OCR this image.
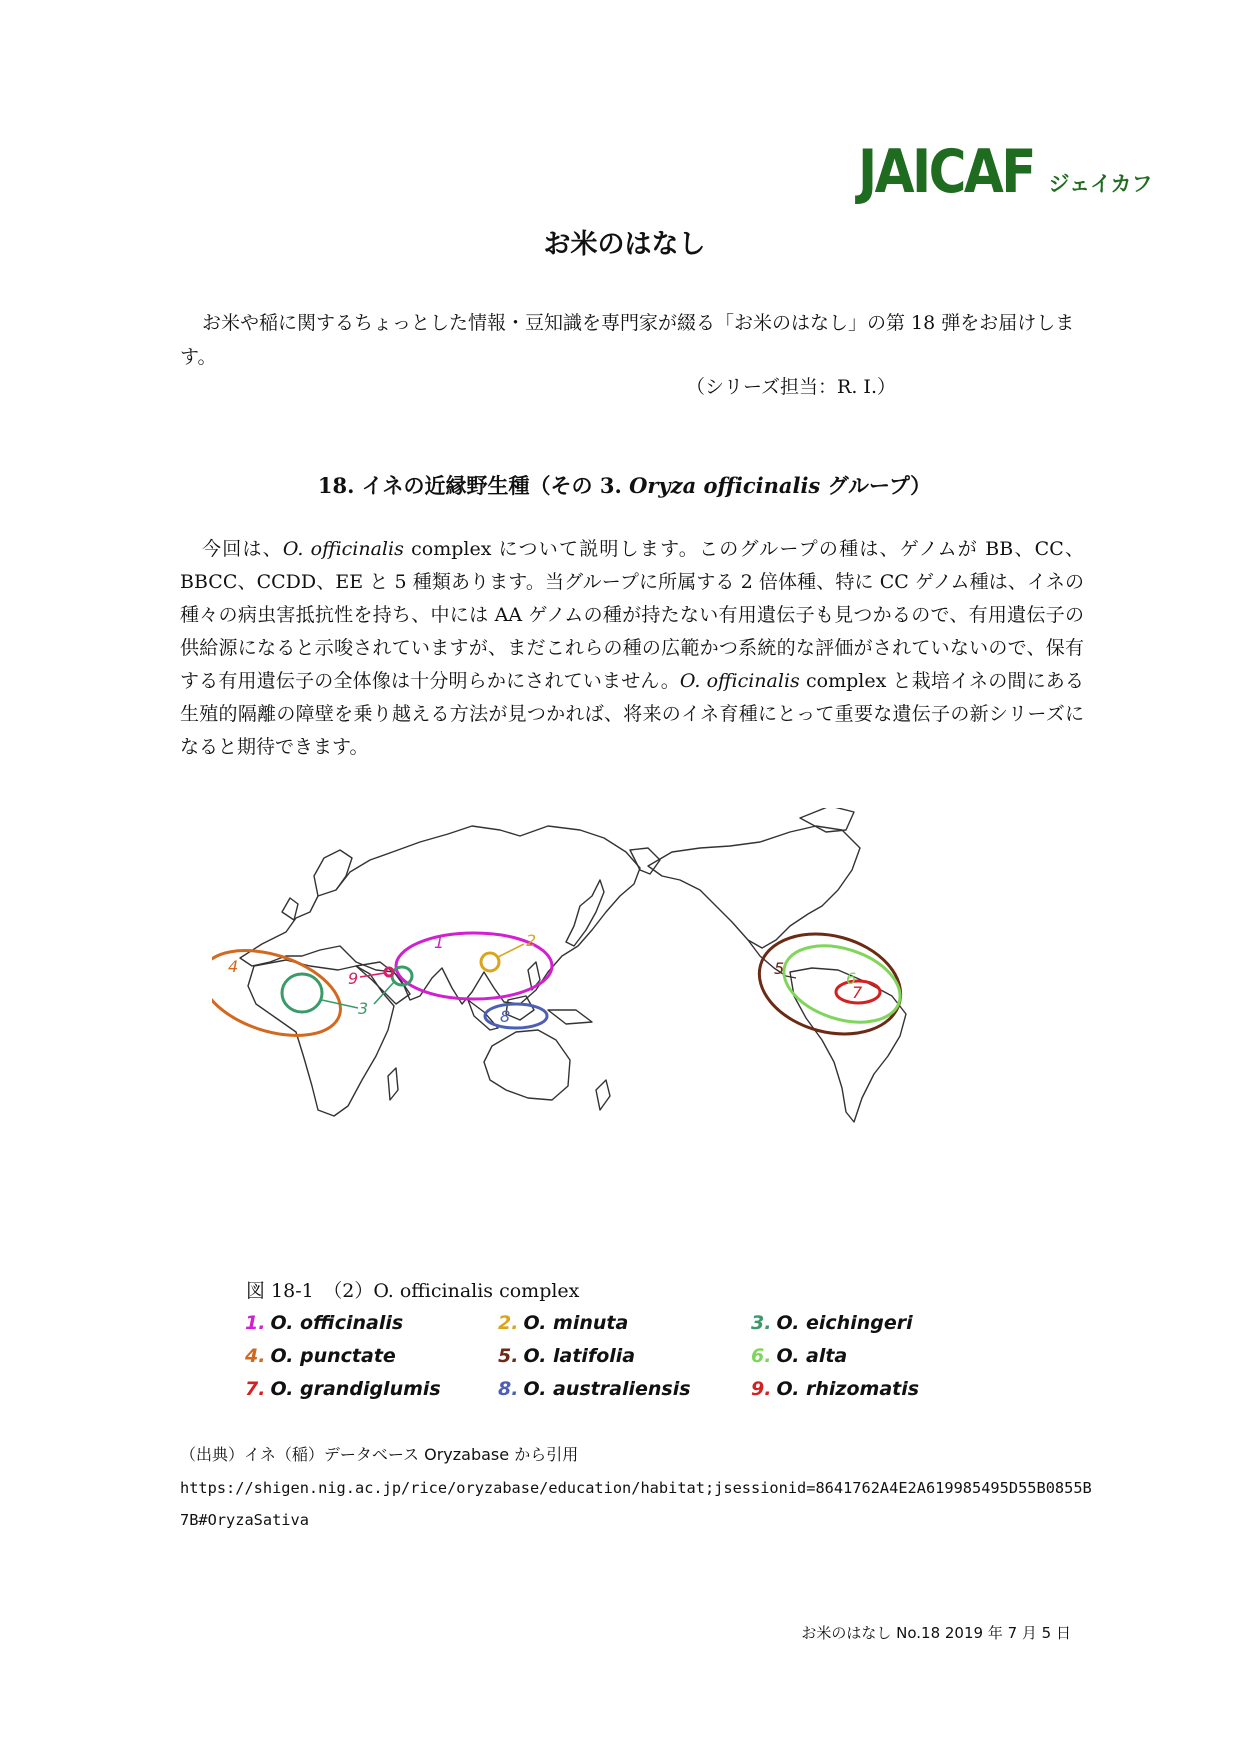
JAICAF ジェイカフ
お米のはなし

お米や稲に関するちょっとした情報・豆知識を専門家が綴る「お米のはなし」の第 18 弾をお届けします。

（シリーズ担当：R. I.）

18. イネの近縁野生種（その 3. Oryza officinalis グループ）

今回は、O. officinalis complex について説明します。このグループの種は、ゲノムが BB、CC、BBCC、CCDD、EE と 5 種類あります。当グループに所属する 2 倍体種、特に CC ゲノム種は、イネの種々の病虫害抵抗性を持ち、中には AA ゲノムの種が持たない有用遺伝子も見つかるので、有用遺伝子の供給源になると示唆されていますが、まだこれらの種の広範かつ系統的な評価がされていないので、保有する有用遺伝子の全体像は十分明らかにされていません。O. officinalis complex と栽培イネの間にある生殖的隔離の障壁を乗り越える方法が見つかれば、将来のイネ育種にとって重要な遺伝子の新シリーズになると期待できます。

1	2
3
4	5
6
7
8
9

図 18-1　（2）O. officinalis complex

1. O. officinalis	2. O. minuta	3. O. eichingeri
4. O. punctate	5. O. latifolia	6. O. alta
7. O. grandiglumis	8. O. australiensis	9. O. rhizomatis

（出典）イネ（稲）データベース Oryzabase から引用

https://shigen.nig.ac.jp/rice/oryzabase/education/habitat;jsessionid=8641762A4E2A619985495D55B0855B7B#OryzaSativa

お米のはなし No.18 2019 年 7 月 5 日
